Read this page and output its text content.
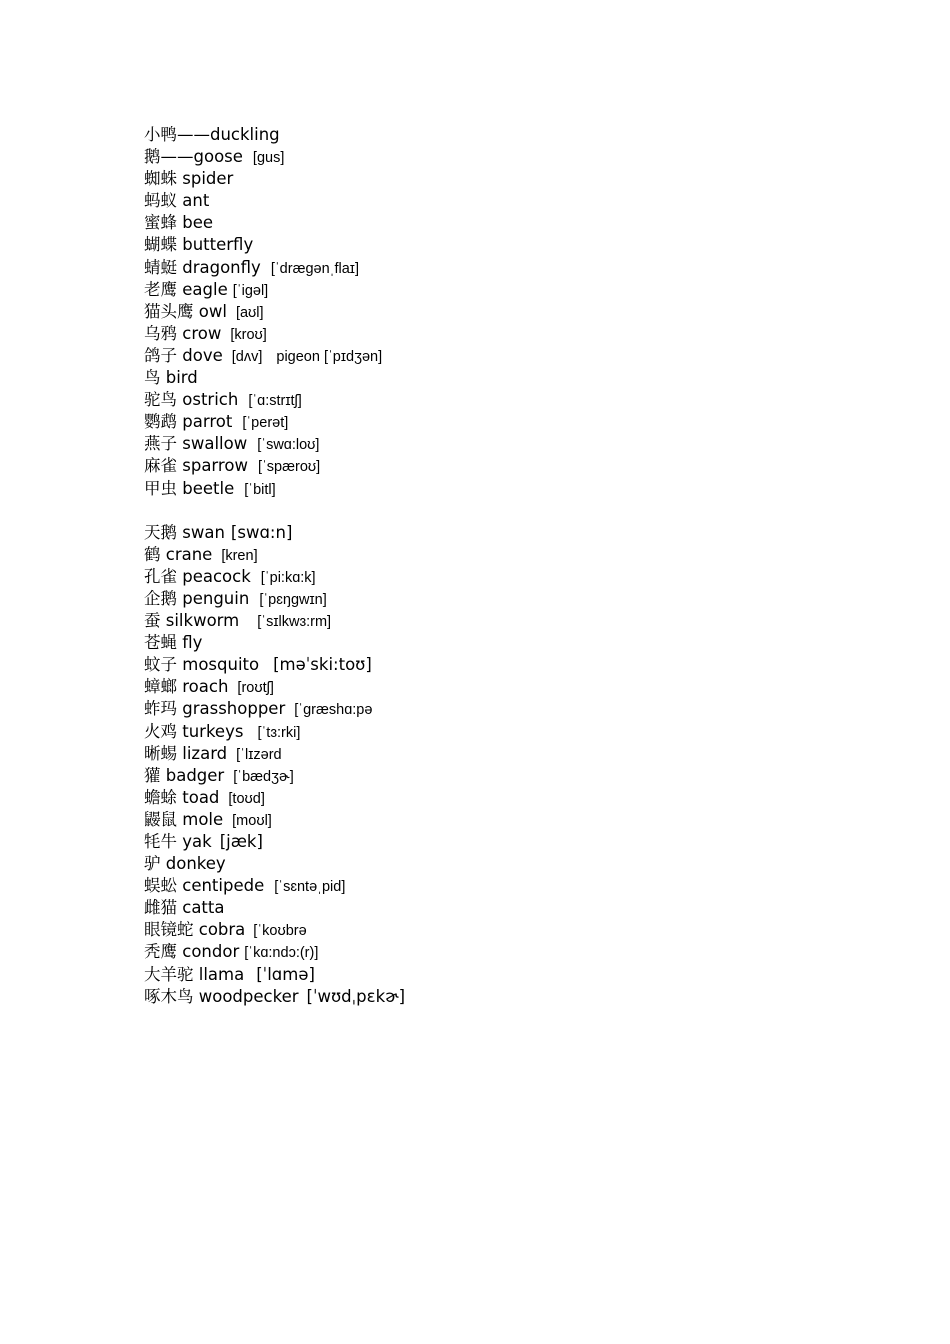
小鸭——duckling
鹅——goose [gus]
蜘蛛 spider
蚂蚁 ant
蜜蜂 bee
蝴蝶 butterfly
蜻蜓 dragonfly [ˈdræɡənˌflaɪ]
老鹰 eagle [ˈiɡəl]
猫头鹰 owl [aʊl]
乌鸦 crow [kroʊ]
鸽子 dove [dʌv] pigeon [ˈpɪdʒən]
鸟 bird
驼鸟 ostrich [ˈɑ:strɪtʃ]
鹦鹉 parrot [ˈperət]
燕子 swallow [ˈswɑ:loʊ]
麻雀 sparrow [ˈspæroʊ]
甲虫 beetle [ˈbitl]
天鹅 swan [swɑ:n]
鹤 crane [kren]
孔雀 peacock [ˈpi:kɑ:k]
企鹅 penguin [ˈpɛŋɡwɪn]
蚕 silkworm [ˈsɪlkwɜ:rm]
苍蝇 fly
蚊子 mosquito [məˈski:toʊ]
蟑螂 roach [roʊtʃ]
蚱玛 grasshopper [ˈɡræshɑ:pə
火鸡 turkeys [ˈtɜ:rki]
晰蜴 lizard [ˈlɪzərd
獾 badger [ˈbædʒɚ]
蟾蜍 toad [toʊd]
鼹鼠 mole [moʊl]
牦牛 yak [jæk]
驴 donkey
蜈蚣 centipede [ˈsɛntəˌpid]
雌猫 catta
眼镜蛇 cobra [ˈkoʊbrə
秃鹰 condor [ˈkɑ:ndɔ:(r)]
大羊驼 llama [ˈlɑmə]
啄木鸟 woodpecker [ˈwʊdˌpɛkɚ]
